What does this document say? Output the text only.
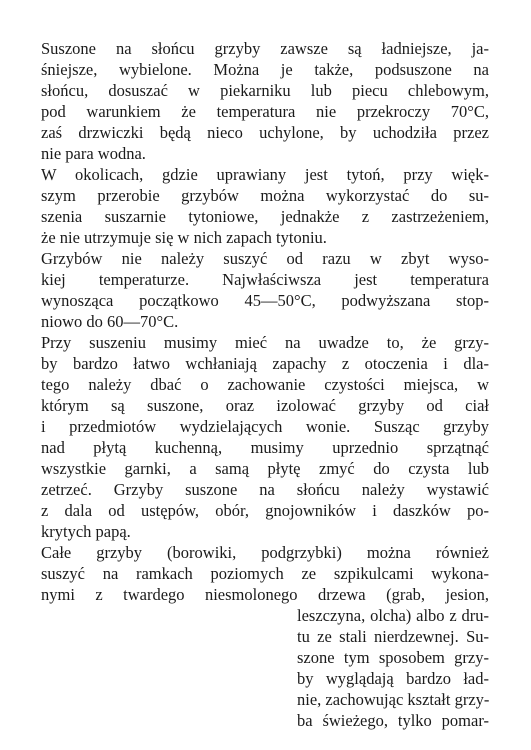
Suszone na słońcu grzyby zawsze są ładniejsze, ja-
śniejsze, wybielone. Można je także, podsuszone na
słońcu, dosuszać w piekarniku lub piecu chlebowym,
pod warunkiem że temperatura nie przekroczy 70°C,
zaś drzwiczki będą nieco uchylone, by uchodziła przez
nie para wodna.
W okolicach, gdzie uprawiany jest tytoń, przy więk-
szym przerobie grzybów można wykorzystać do su-
szenia suszarnie tytoniowe, jednakże z zastrzeżeniem,
że nie utrzymuje się w nich zapach tytoniu.
Grzybów nie należy suszyć od razu w zbyt wyso-
kiej temperaturze. Najwłaściwsza jest temperatura
wynosząca początkowo 45—50°C, podwyższana stop-
niowo do 60—70°C.
Przy suszeniu musimy mieć na uwadze to, że grzy-
by bardzo łatwo wchłaniają zapachy z otoczenia i dla-
tego należy dbać o zachowanie czystości miejsca, w
którym są suszone, oraz izolować grzyby od ciał
i przedmiotów wydzielających wonie. Susząc grzyby
nad płytą kuchenną, musimy uprzednio sprzątnąć
wszystkie garnki, a samą płytę zmyć do czysta lub
zetrzeć. Grzyby suszone na słońcu należy wystawić
z dala od ustępów, obór, gnojowników i daszków po-
krytych papą.
Całe grzyby (borowiki, podgrzybki) można również
suszyć na ramkach poziomych ze szpikulcami wykona-
nymi z twardego niesmolonego drzewa (grab, jesion,
leszczyna, olcha) albo z dru-
tu ze stali nierdzewnej. Su-
szone tym sposobem grzy-
by wyglądają bardzo ład-
nie, zachowując kształt grzy-
ba świeżego, tylko pomar-
